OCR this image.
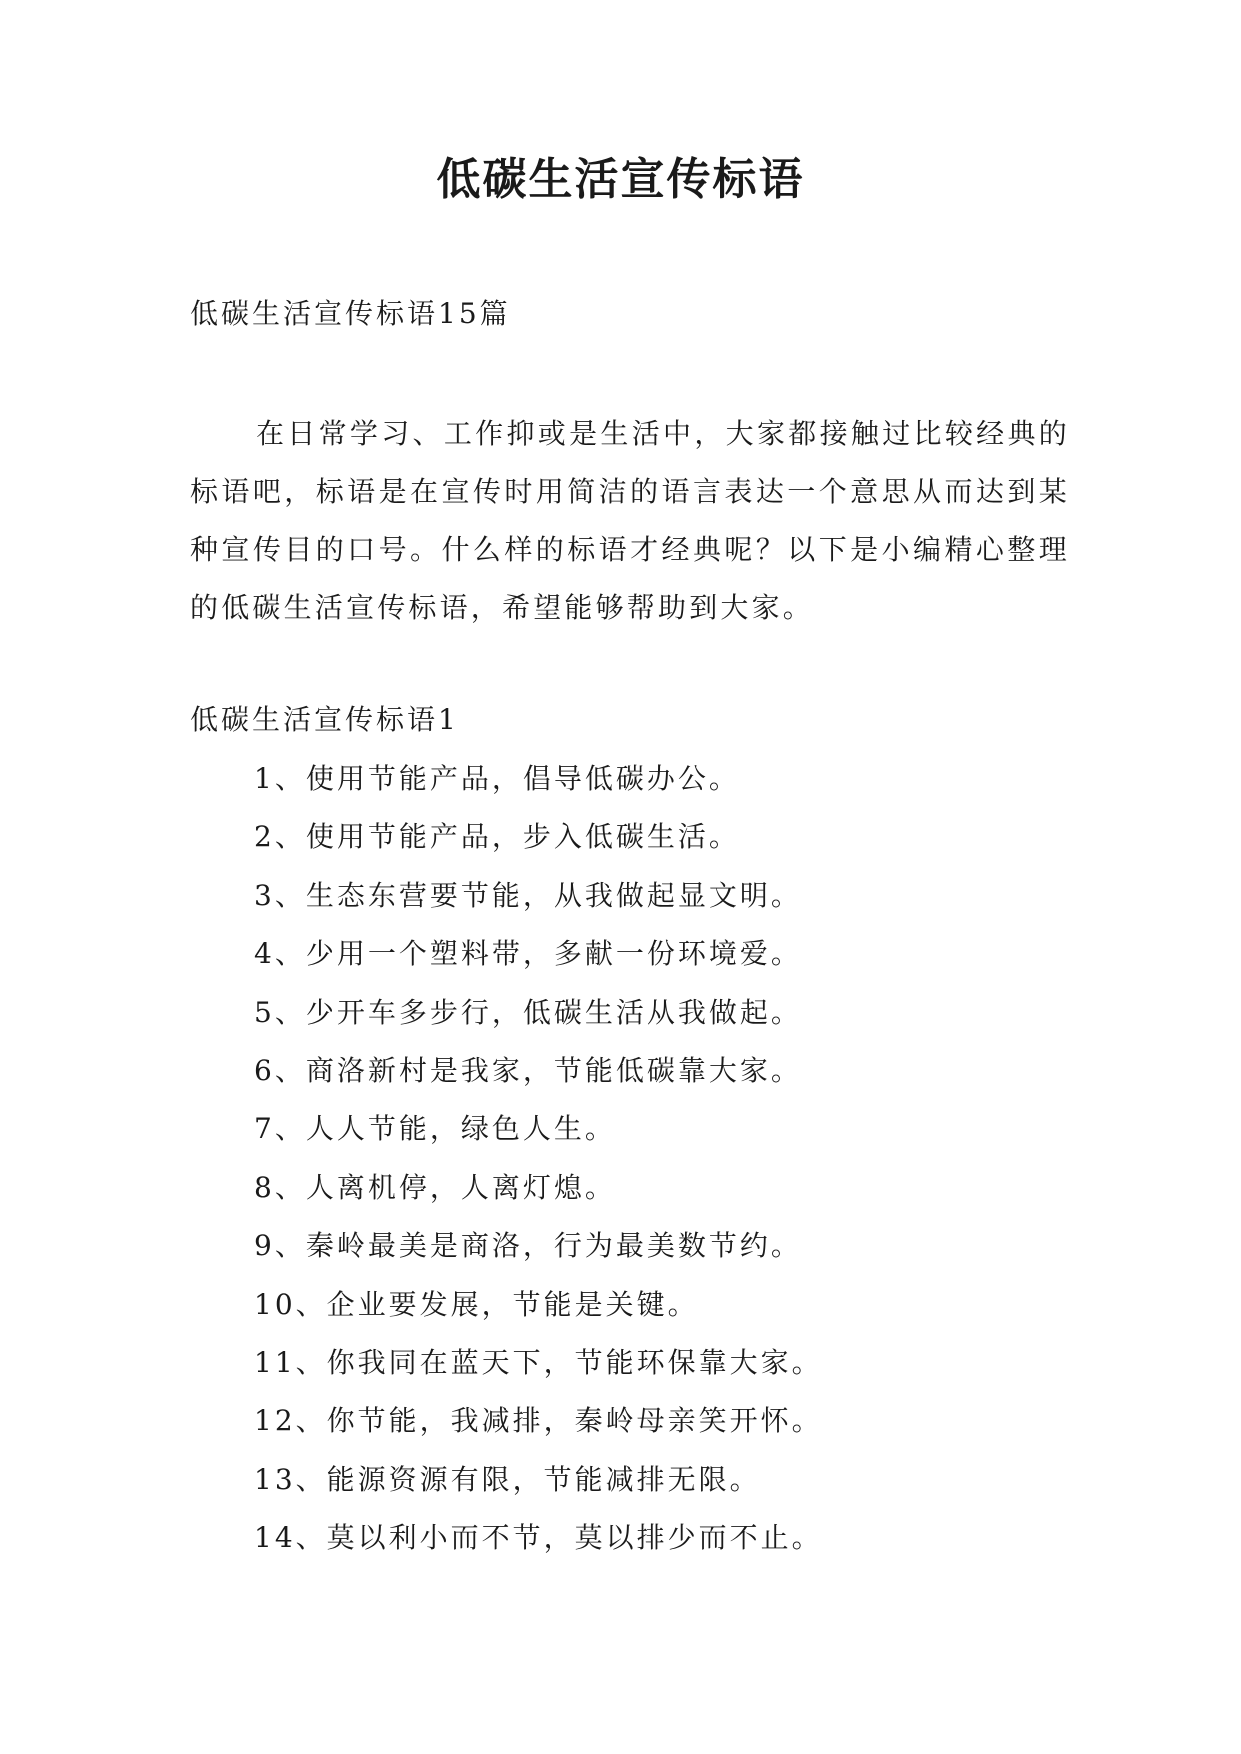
低碳生活宣传标语

低碳生活宣传标语15篇

在日常学习、工作抑或是生活中，大家都接触过比较经典的标语吧，标语是在宣传时用简洁的语言表达一个意思从而达到某种宣传目的口号。什么样的标语才经典呢？以下是小编精心整理的低碳生活宣传标语，希望能够帮助到大家。

低碳生活宣传标语1

1、使用节能产品，倡导低碳办公。
2、使用节能产品，步入低碳生活。
3、生态东营要节能，从我做起显文明。
4、少用一个塑料带，多献一份环境爱。
5、少开车多步行，低碳生活从我做起。
6、商洛新村是我家，节能低碳靠大家。
7、人人节能，绿色人生。
8、人离机停，人离灯熄。
9、秦岭最美是商洛，行为最美数节约。
10、企业要发展，节能是关键。
11、你我同在蓝天下，节能环保靠大家。
12、你节能，我减排，秦岭母亲笑开怀。
13、能源资源有限，节能减排无限。
14、莫以利小而不节，莫以排少而不止。
